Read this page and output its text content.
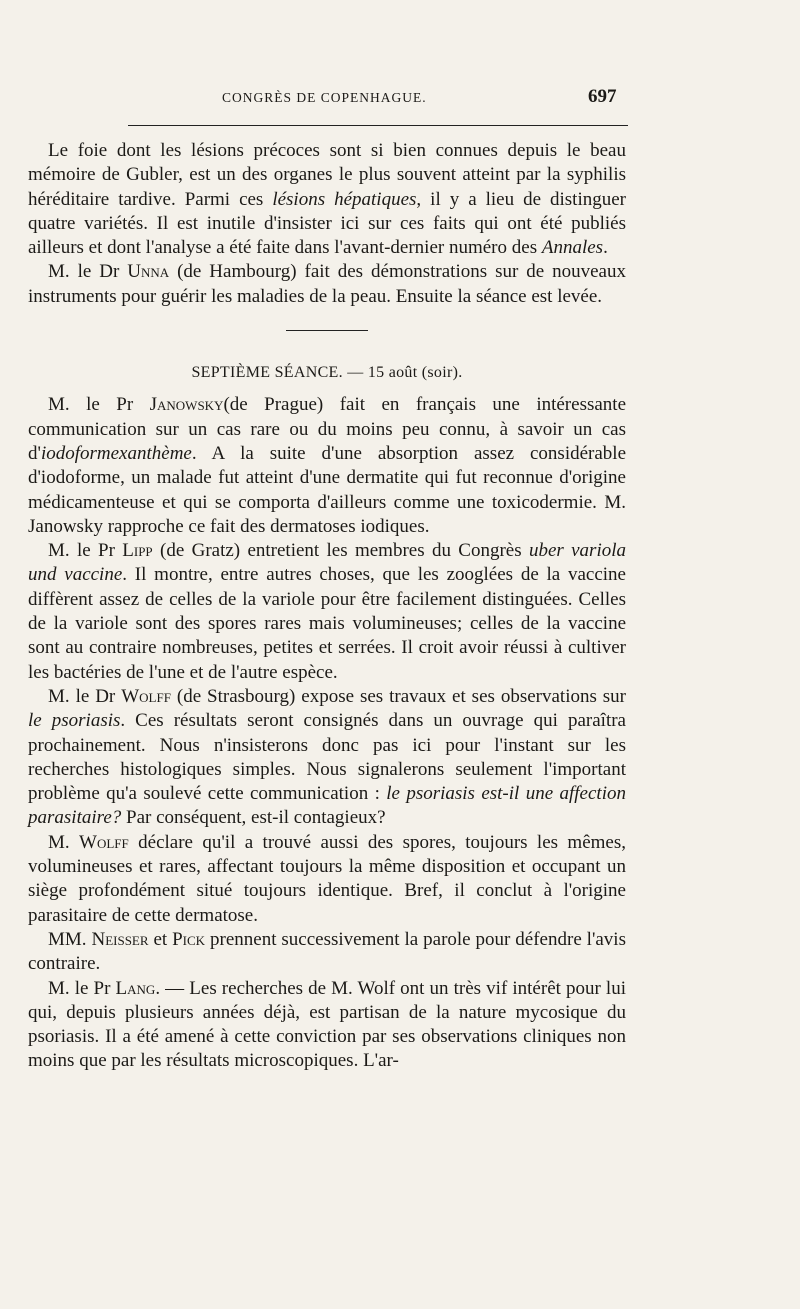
CONGRÈS DE COPENHAGUE.	697

Le foie dont les lésions précoces sont si bien connues depuis le beau mémoire de Gubler, est un des organes le plus souvent atteint par la syphilis héréditaire tardive. Parmi ces lésions hépatiques, il y a lieu de distinguer quatre variétés. Il est inutile d'insister ici sur ces faits qui ont été publiés ailleurs et dont l'analyse a été faite dans l'avant-dernier numéro des Annales.

M. le Dr Unna (de Hambourg) fait des démonstrations sur de nouveaux instruments pour guérir les maladies de la peau. Ensuite la séance est levée.

SEPTIÈME SÉANCE. — 15 août (soir).

M. le Pr Janowsky(de Prague) fait en français une intéressante communication sur un cas rare ou du moins peu connu, à savoir un cas d'iodoformexanthème. A la suite d'une absorption assez considérable d'iodoforme, un malade fut atteint d'une dermatite qui fut reconnue d'origine médicamenteuse et qui se comporta d'ailleurs comme une toxicodermie. M. Janowsky rapproche ce fait des dermatoses iodiques.

M. le Pr Lipp (de Gratz) entretient les membres du Congrès uber variola und vaccine. Il montre, entre autres choses, que les zooglées de la vaccine diffèrent assez de celles de la variole pour être facilement distinguées. Celles de la variole sont des spores rares mais volumineuses; celles de la vaccine sont au contraire nombreuses, petites et serrées. Il croit avoir réussi à cultiver les bactéries de l'une et de l'autre espèce.

M. le Dr Wolff (de Strasbourg) expose ses travaux et ses observations sur le psoriasis. Ces résultats seront consignés dans un ouvrage qui paraîtra prochainement. Nous n'insisterons donc pas ici pour l'instant sur les recherches histologiques simples. Nous signalerons seulement l'important problème qu'a soulevé cette communication : le psoriasis est-il une affection parasitaire? Par conséquent, est-il contagieux?

M. Wolff déclare qu'il a trouvé aussi des spores, toujours les mêmes, volumineuses et rares, affectant toujours la même disposition et occupant un siège profondément situé toujours identique. Bref, il conclut à l'origine parasitaire de cette dermatose.

MM. Neisser et Pick prennent successivement la parole pour défendre l'avis contraire.

M. le Pr Lang. — Les recherches de M. Wolf ont un très vif intérêt pour lui qui, depuis plusieurs années déjà, est partisan de la nature mycosique du psoriasis. Il a été amené à cette conviction par ses observations cliniques non moins que par les résultats microscopiques. L'ar-
